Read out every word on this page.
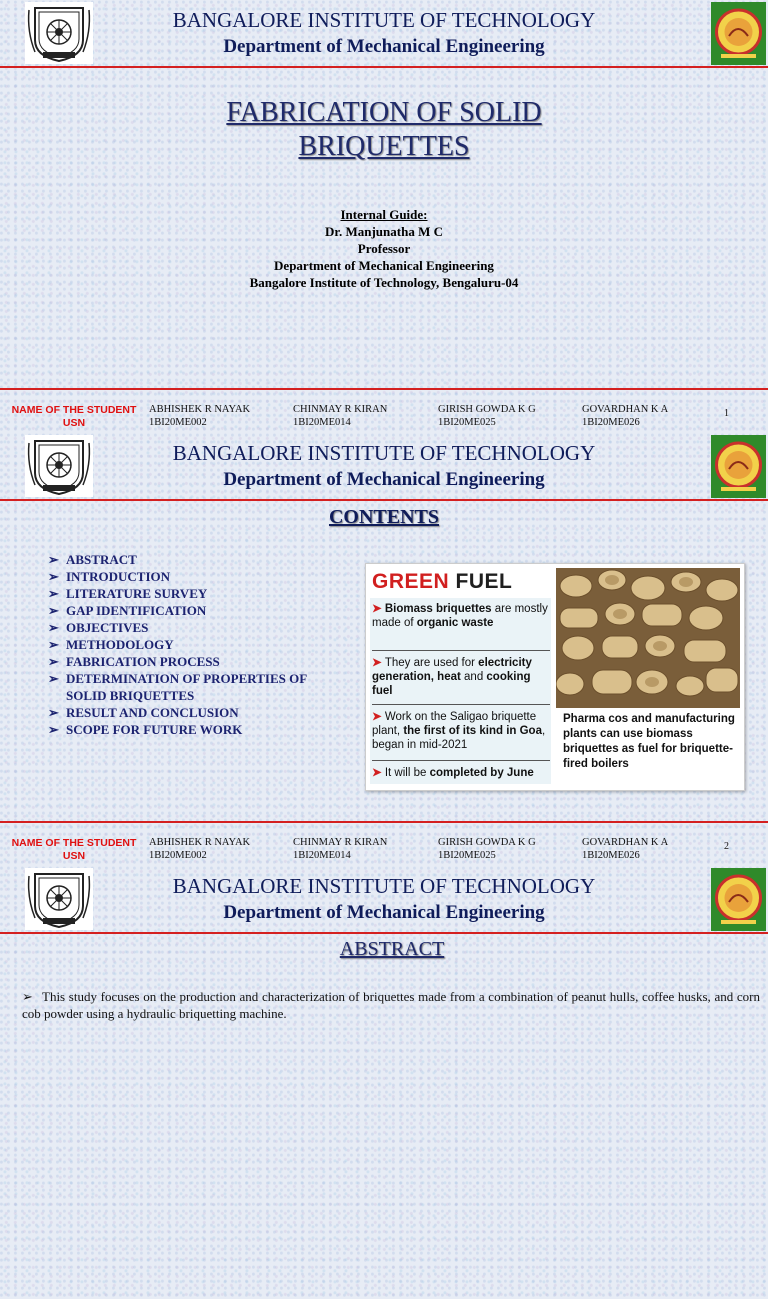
BANGALORE INSTITUTE OF TECHNOLOGY
Department of Mechanical Engineering
FABRICATION OF SOLID
BRIQUETTES
Internal Guide:
Dr. Manjunatha M C
Professor
Department of Mechanical Engineering
Bangalore Institute of Technology, Bengaluru-04
NAME OF THE STUDENT
USN
ABHISHEK R NAYAK
1BI20ME002
CHINMAY R KIRAN
1BI20ME014
GIRISH GOWDA K G
1BI20ME025
GOVARDHAN K A
1BI20ME026
1
BANGALORE INSTITUTE OF TECHNOLOGY
Department of Mechanical Engineering
CONTENTS
➢ ABSTRACT
➢ INTRODUCTION
➢ LITERATURE SURVEY
➢ GAP IDENTIFICATION
➢ OBJECTIVES
➢ METHODOLOGY
➢ FABRICATION PROCESS
➢ DETERMINATION OF PROPERTIES OF
SOLID BRIQUETTES
➢ RESULT AND CONCLUSION
➢ SCOPE FOR FUTURE WORK
GREEN FUEL
➤ Biomass briquettes are mostly made of organic waste
➤ They are used for electricity generation, heat and cooking fuel
➤ Work on the Saligao briquette plant, the first of its kind in Goa, began in mid-2021
➤ It will be completed by June
Pharma cos and manufacturing plants can use biomass briquettes as fuel for briquette-fired boilers
NAME OF THE STUDENT
USN
ABHISHEK R NAYAK
1BI20ME002
CHINMAY R KIRAN
1BI20ME014
GIRISH GOWDA K G
1BI20ME025
GOVARDHAN K A
1BI20ME026
2
BANGALORE INSTITUTE OF TECHNOLOGY
Department of Mechanical Engineering
ABSTRACT
➢ This study focuses on the production and characterization of briquettes made from a combination of peanut hulls, coffee husks, and corn cob powder using a hydraulic briquetting machine.
